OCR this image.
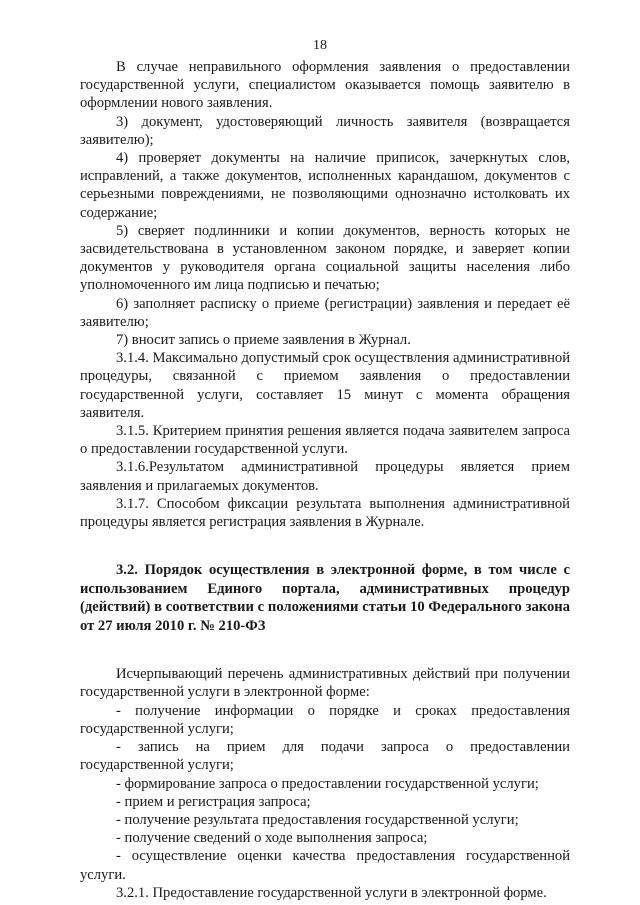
18

В случае неправильного оформления заявления о предоставлении государственной услуги, специалистом оказывается помощь заявителю в оформлении нового заявления.

3) документ, удостоверяющий личность заявителя (возвращается заявителю);

4) проверяет документы на наличие приписок, зачеркнутых слов, исправлений, а также документов, исполненных карандашом, документов с серьезными повреждениями, не позволяющими однозначно истолковать их содержание;

5) сверяет подлинники и копии документов, верность которых не засвидетельствована в установленном законом порядке, и заверяет копии документов у руководителя органа социальной защиты населения либо уполномоченного им лица подписью и печатью;

6) заполняет расписку о приеме (регистрации) заявления и передает её заявителю;

7) вносит запись о приеме заявления в Журнал.

3.1.4. Максимально допустимый срок осуществления административной процедуры, связанной с приемом заявления о предоставлении государственной услуги, составляет 15 минут с момента обращения заявителя.

3.1.5. Критерием принятия решения является подача заявителем запроса о предоставлении государственной услуги.

3.1.6.Результатом административной процедуры является прием заявления и прилагаемых документов.

3.1.7. Способом фиксации результата выполнения административной процедуры является регистрация заявления в Журнале.

3.2. Порядок осуществления в электронной форме, в том числе с использованием Единого портала, административных процедур (действий) в соответствии с положениями статьи 10 Федерального закона от 27 июля 2010 г. № 210-ФЗ

Исчерпывающий перечень административных действий при получении государственной услуги в электронной форме:

- получение информации о порядке и сроках предоставления государственной услуги;

- запись на прием для подачи запроса о предоставлении государственной услуги;

- формирование запроса о предоставлении государственной услуги;

- прием и регистрация запроса;

- получение результата предоставления государственной услуги;

- получение сведений о ходе выполнения запроса;

- осуществление оценки качества предоставления государственной услуги.

3.2.1. Предоставление государственной услуги в электронной форме.
